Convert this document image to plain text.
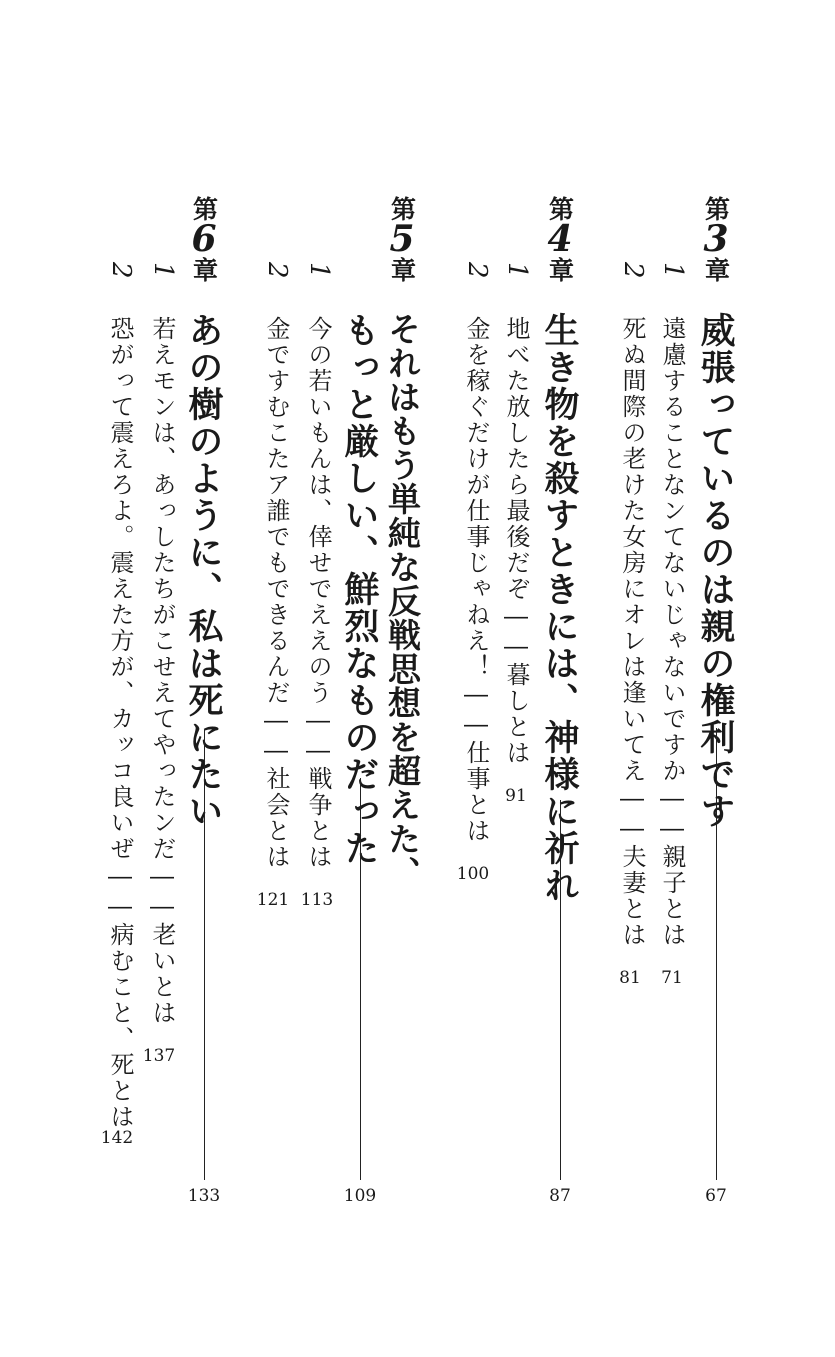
第
3
章
威張っているのは親の権利です
67
1
遠慮することなンてないじゃないですか――親子とは
71
2
死ぬ間際の老けた女房にオレは逢いてえ――夫妻とは
81
第
4
章
生き物を殺すときには、神様に祈れ
87
1
地べた放したら最後だぞ――暮しとは
91
2
金を稼ぐだけが仕事じゃねえ！――仕事とは
100
第
5
章
それはもう単純な反戦思想を超えた、
もっと厳しい、鮮烈なものだった
109
1
今の若いもんは、倖せでええのう――戦争とは
113
2
金ですむこたア誰でもできるんだ――社会とは
121
第
6
章
あの樹のように、私は死にたい
133
1
若えモンは、あっしたちがこせえてやったンだ――老いとは
137
2
恐がって震えろよ。震えた方が、カッコ良いぜ――病むこと、死とは
142
